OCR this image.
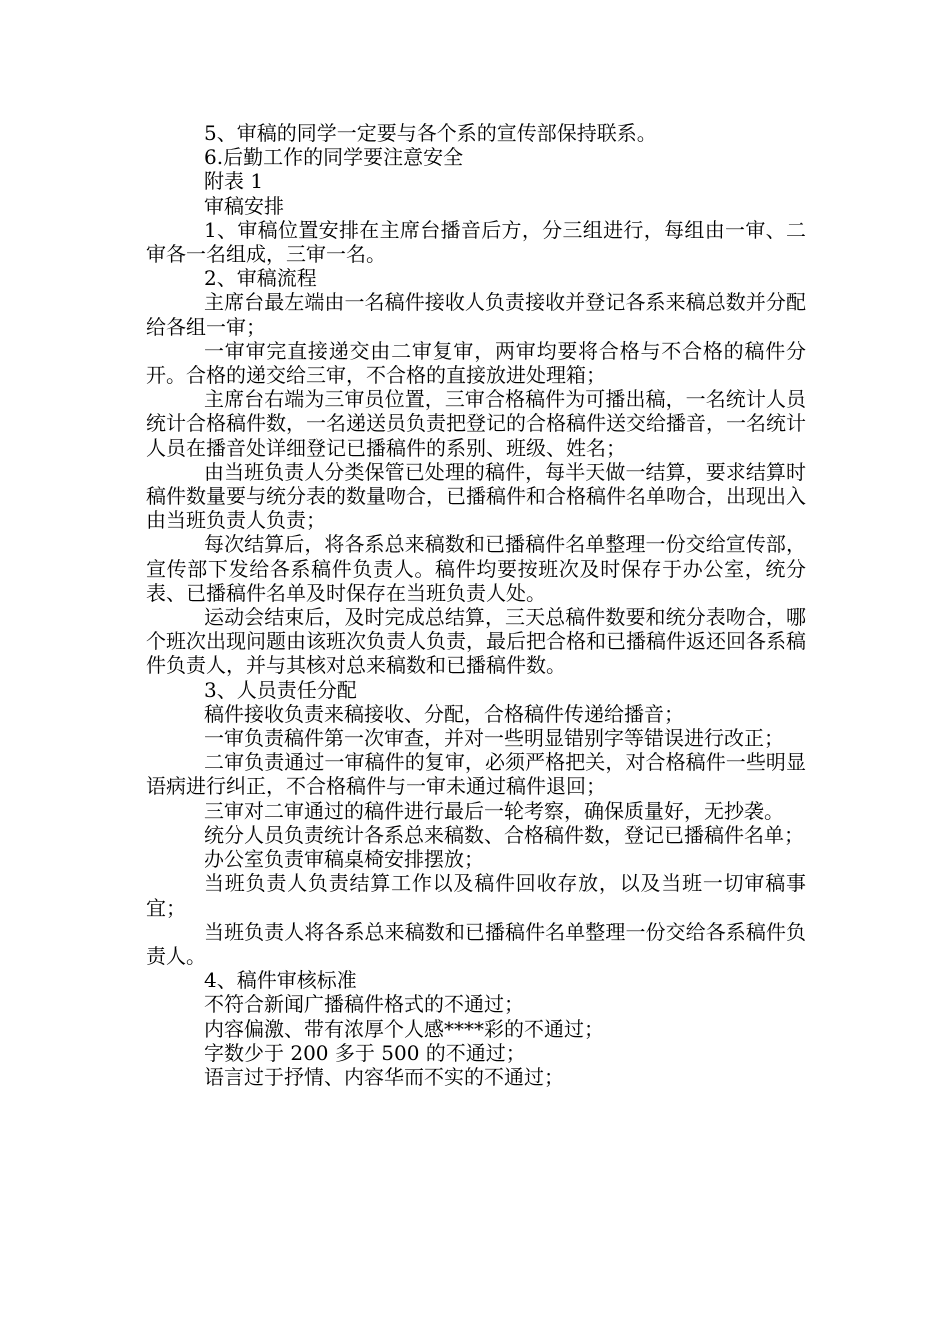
5、审稿的同学一定要与各个系的宣传部保持联系。

6.后勤工作的同学要注意安全

附表 1

审稿安排

1、审稿位置安排在主席台播音后方，分三组进行，每组由一审、二审各一名组成，三审一名。

2、审稿流程

主席台最左端由一名稿件接收人负责接收并登记各系来稿总数并分配给各组一审；

一审审完直接递交由二审复审，两审均要将合格与不合格的稿件分开。合格的递交给三审，不合格的直接放进处理箱；

主席台右端为三审员位置，三审合格稿件为可播出稿，一名统计人员统计合格稿件数，一名递送员负责把登记的合格稿件送交给播音，一名统计人员在播音处详细登记已播稿件的系别、班级、姓名；

由当班负责人分类保管已处理的稿件，每半天做一结算，要求结算时稿件数量要与统分表的数量吻合，已播稿件和合格稿件名单吻合，出现出入由当班负责人负责；

每次结算后，将各系总来稿数和已播稿件名单整理一份交给宣传部，宣传部下发给各系稿件负责人。稿件均要按班次及时保存于办公室，统分表、已播稿件名单及时保存在当班负责人处。

运动会结束后，及时完成总结算，三天总稿件数要和统分表吻合，哪个班次出现问题由该班次负责人负责，最后把合格和已播稿件返还回各系稿件负责人，并与其核对总来稿数和已播稿件数。

3、人员责任分配

稿件接收负责来稿接收、分配，合格稿件传递给播音；

一审负责稿件第一次审查，并对一些明显错别字等错误进行改正；

二审负责通过一审稿件的复审，必须严格把关，对合格稿件一些明显语病进行纠正，不合格稿件与一审未通过稿件退回；

三审对二审通过的稿件进行最后一轮考察，确保质量好，无抄袭。

统分人员负责统计各系总来稿数、合格稿件数，登记已播稿件名单；

办公室负责审稿桌椅安排摆放；

当班负责人负责结算工作以及稿件回收存放，以及当班一切审稿事宜；

当班负责人将各系总来稿数和已播稿件名单整理一份交给各系稿件负责人。

4、稿件审核标准

不符合新闻广播稿件格式的不通过；

内容偏激、带有浓厚个人感****彩的不通过；

字数少于 200 多于 500 的不通过；

语言过于抒情、内容华而不实的不通过；
